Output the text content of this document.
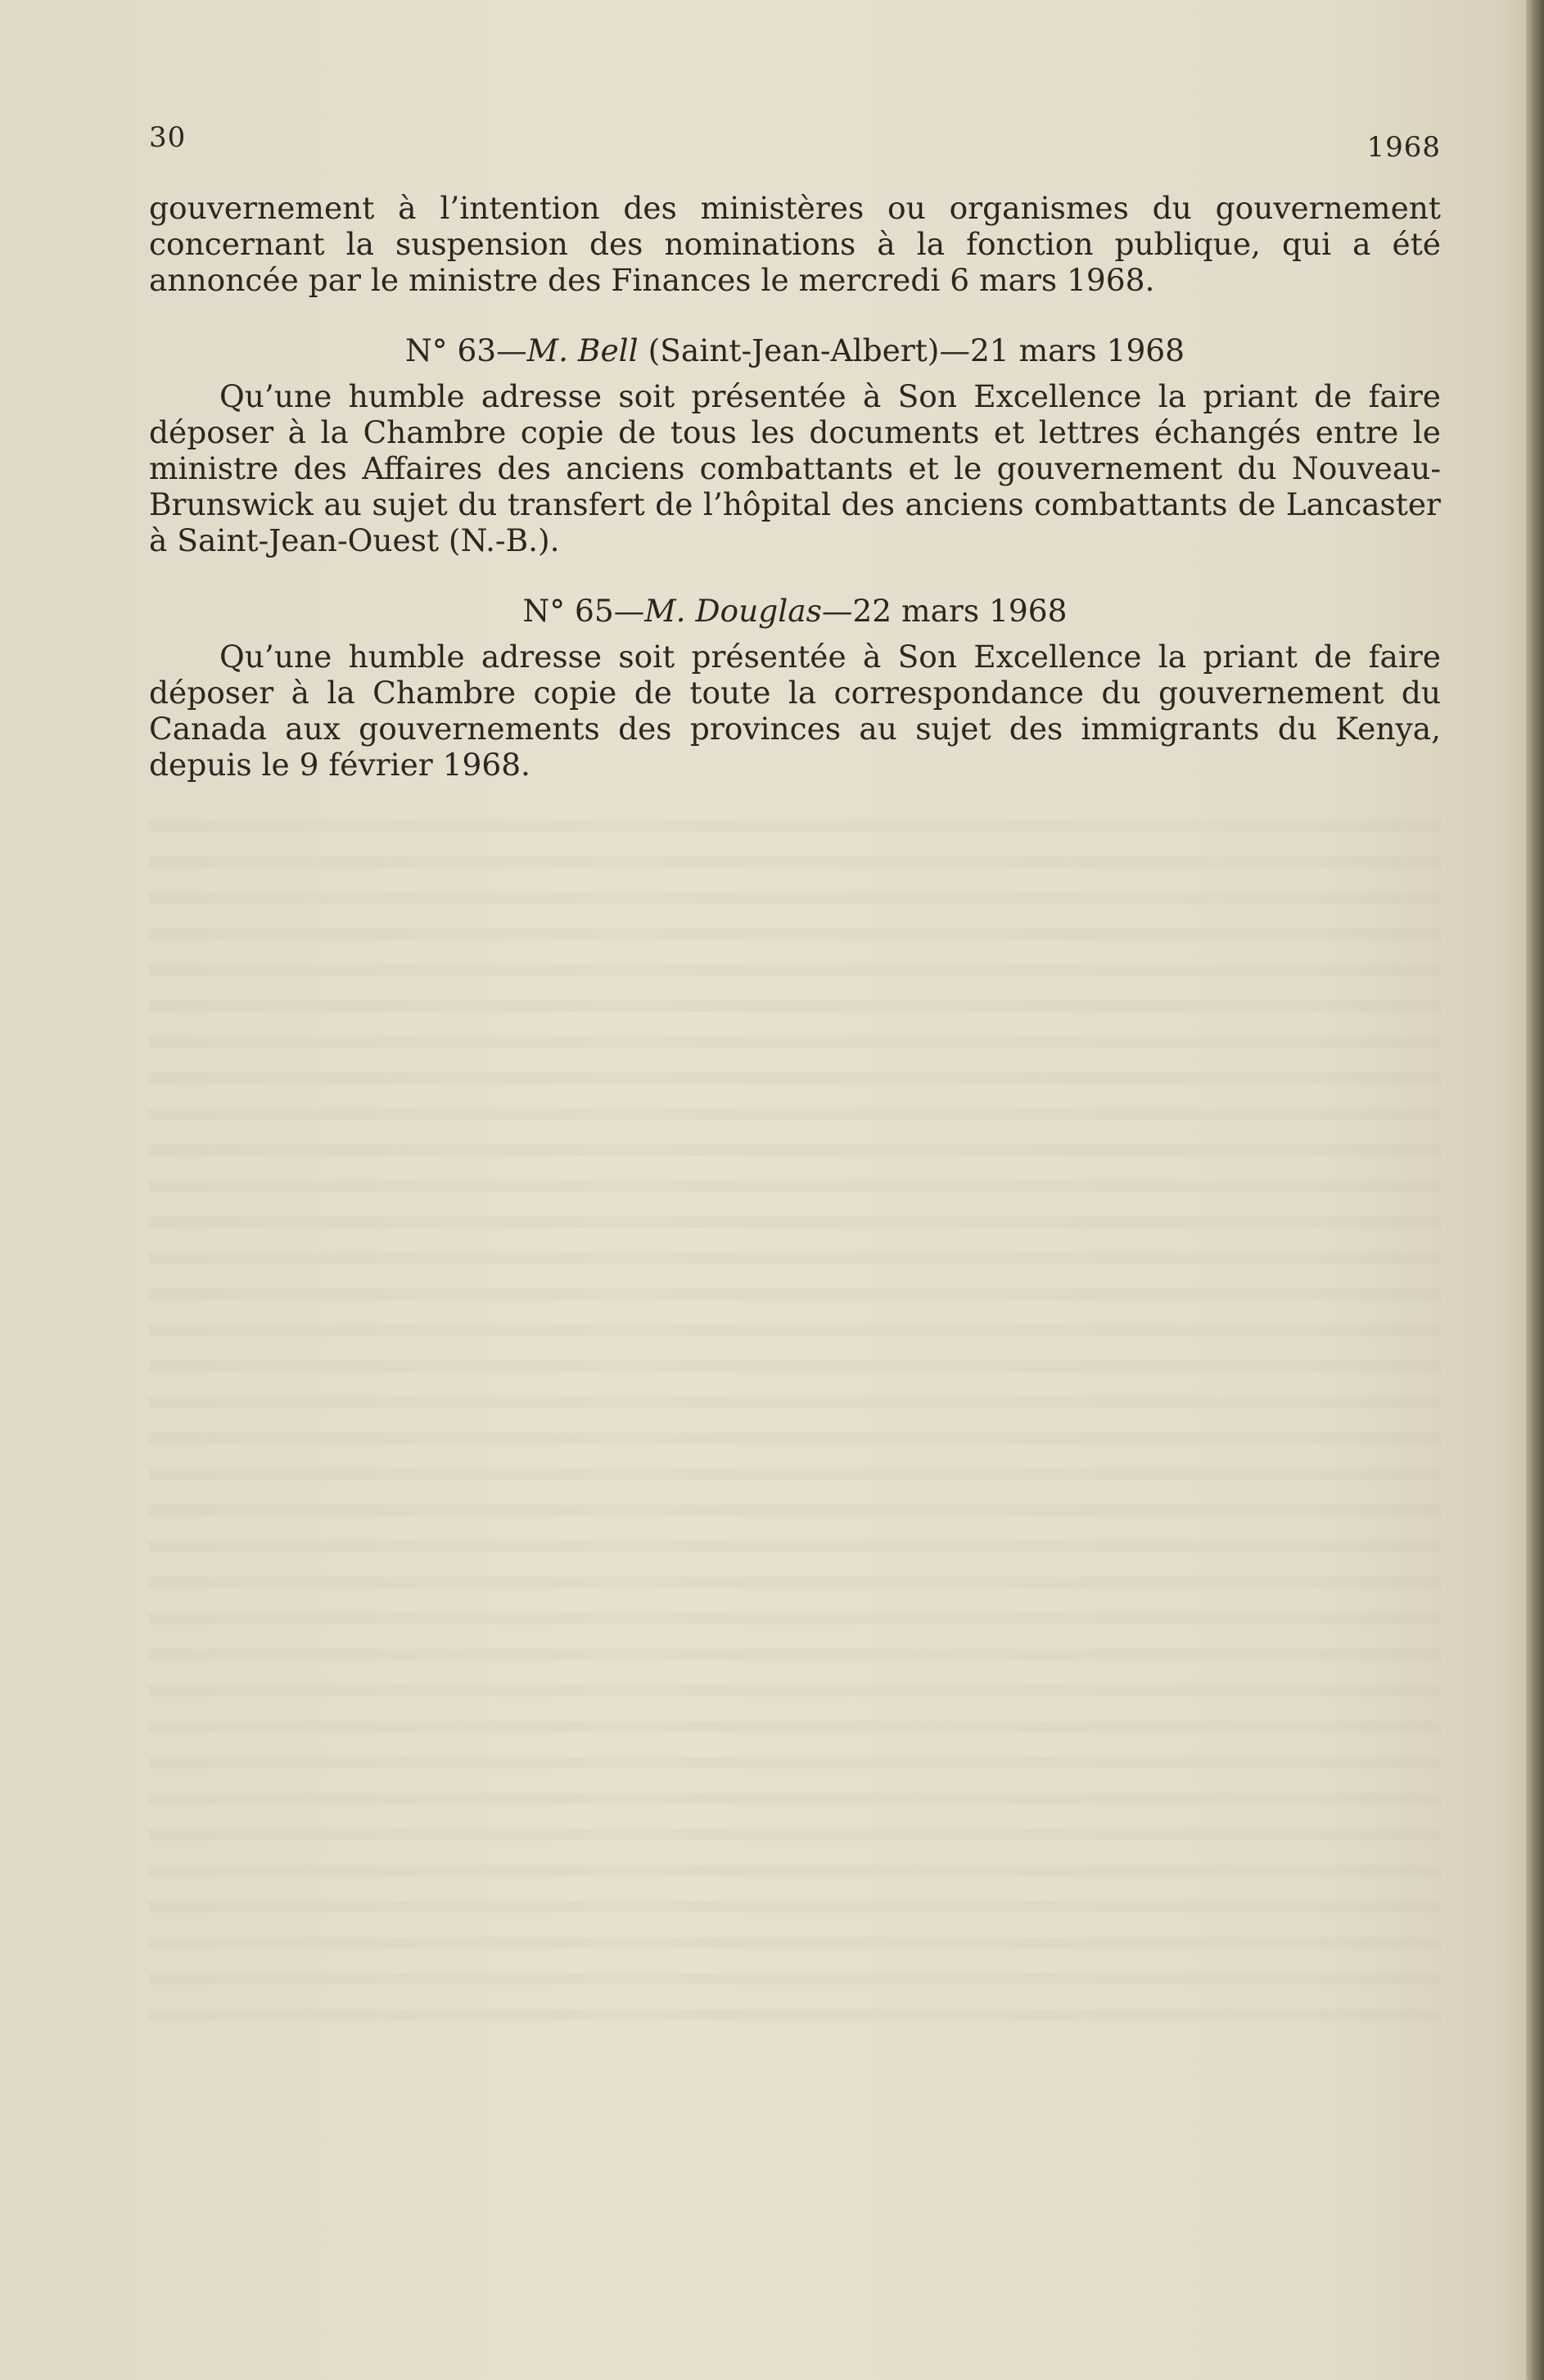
30	1968

gouvernement à l’intention des ministères ou organismes du gouvernement concernant la suspension des nominations à la fonction publique, qui a été annoncée par le ministre des Finances le mercredi 6 mars 1968.

N° 63—M. Bell (Saint-Jean-Albert)—21 mars 1968

Qu’une humble adresse soit présentée à Son Excellence la priant de faire déposer à la Chambre copie de tous les documents et lettres échangés entre le ministre des Affaires des anciens combattants et le gouvernement du Nouveau-Brunswick au sujet du transfert de l’hôpital des anciens combattants de Lancaster à Saint-Jean-Ouest (N.-B.).

N° 65—M. Douglas—22 mars 1968

Qu’une humble adresse soit présentée à Son Excellence la priant de faire déposer à la Chambre copie de toute la correspondance du gouvernement du Canada aux gouvernements des provinces au sujet des immigrants du Kenya, depuis le 9 février 1968.
